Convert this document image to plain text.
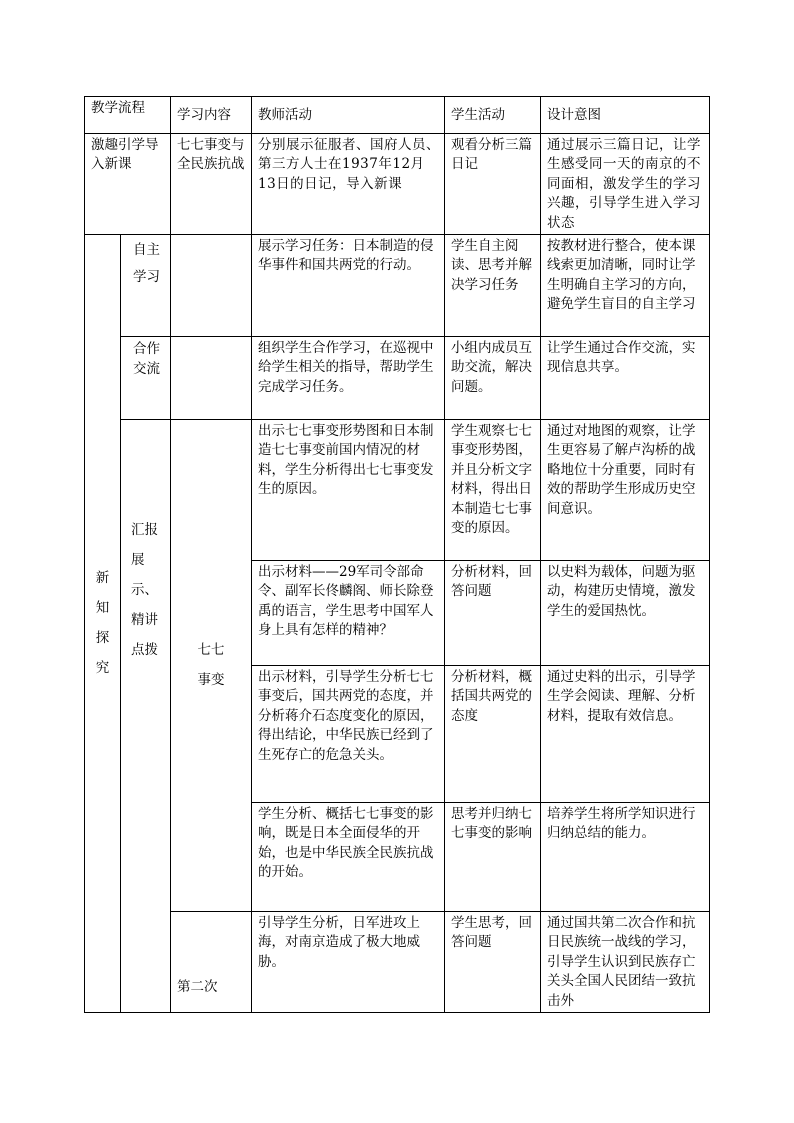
教学流程		学习内容	教师活动	学生活动	设计意图
激趣引学导入新课		七七事变与全民族抗战	分别展示征服者、国府人员、第三方人士在1937年12月13日的日记，导入新课	观看分析三篇日记	通过展示三篇日记，让学生感受同一天的南京的不同面相，激发学生的学习兴趣，引导学生进入学习状态
新知探究	自主学习		展示学习任务：日本制造的侵华事件和国共两党的行动。	学生自主阅读、思考并解决学习任务	按教材进行整合，使本课线索更加清晰，同时让学生明确自主学习的方向，避免学生盲目的自主学习
	合作交流		组织学生合作学习，在巡视中给学生相关的指导，帮助学生完成学习任务。	小组内成员互助交流，解决问题。	让学生通过合作交流，实现信息共享。
	汇报展示、精讲点拨	七七事变	出示七七事变形势图和日本制造七七事变前国内情况的材料，学生分析得出七七事变发生的原因。	学生观察七七事变形势图，并且分析文字材料，得出日本制造七七事变的原因。	通过对地图的观察，让学生更容易了解卢沟桥的战略地位十分重要，同时有效的帮助学生形成历史空间意识。
			出示材料——29军司令部命令、副军长佟麟阁、师长除登禹的语言，学生思考中国军人身上具有怎样的精神？	分析材料，回答问题	以史料为载体，问题为驱动，构建历史情境，激发学生的爱国热忱。
			出示材料，引导学生分析七七事变后，国共两党的态度，并分析蒋介石态度变化的原因，得出结论，中华民族已经到了生死存亡的危急关头。	分析材料，概括国共两党的态度	通过史料的出示，引导学生学会阅读、理解、分析材料，提取有效信息。
			学生分析、概括七七事变的影响，既是日本全面侵华的开始，也是中华民族全民族抗战的开始。	思考并归纳七七事变的影响	培养学生将所学知识进行归纳总结的能力。
		第二次	引导学生分析，日军进攻上海，对南京造成了极大地威胁。	学生思考，回答问题	通过国共第二次合作和抗日民族统一战线的学习，引导学生认识到民族存亡关头全国人民团结一致抗击外
